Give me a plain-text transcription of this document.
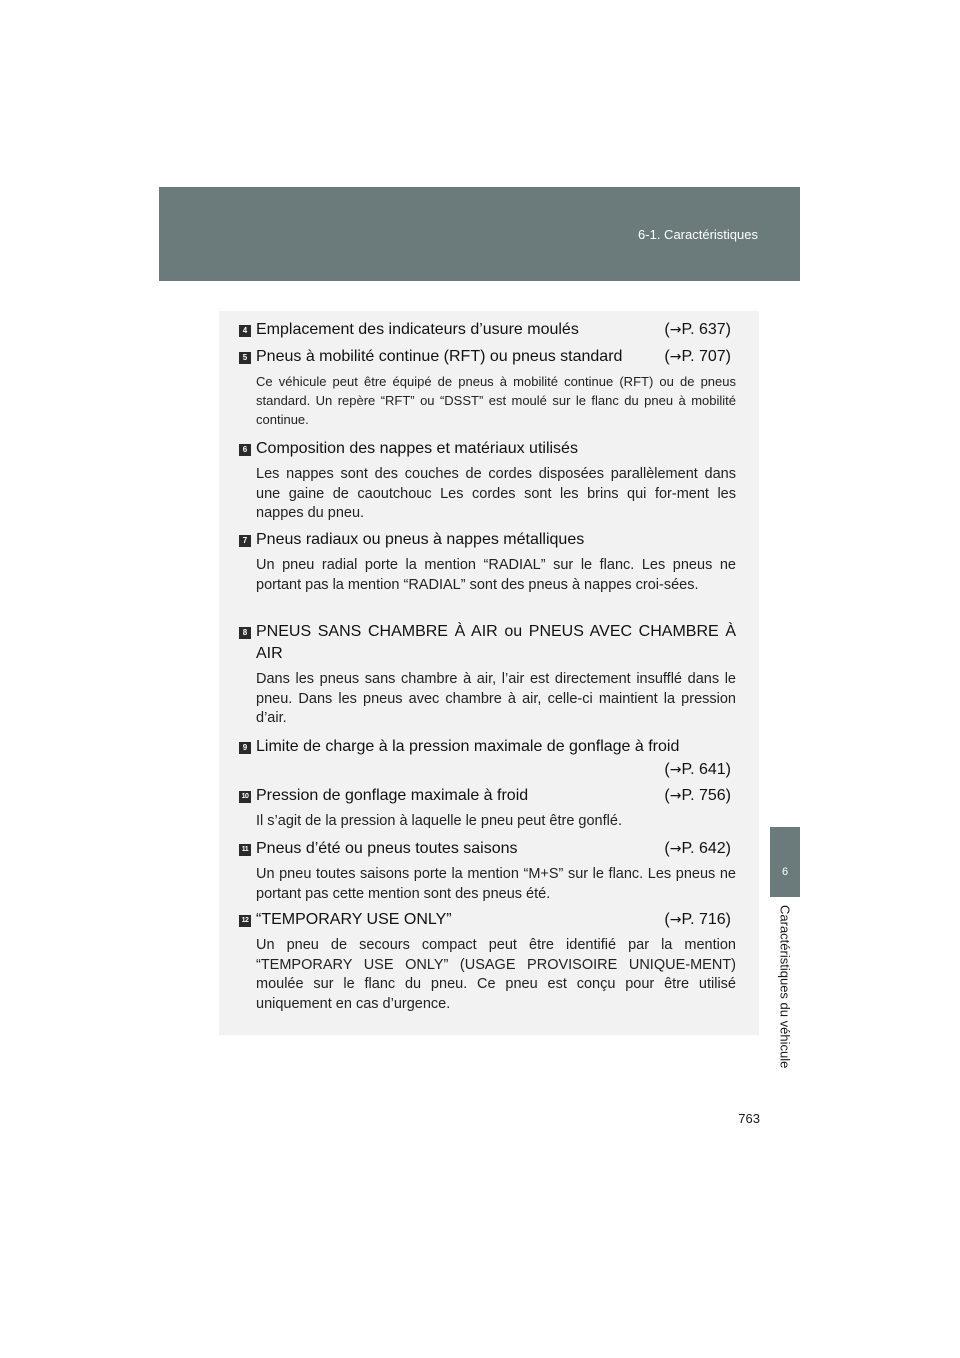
6-1. Caractéristiques
6
Caractéristiques du véhicule
4 Emplacement des indicateurs d’usure moulés	(→P. 637)
5 Pneus à mobilité continue (RFT) ou pneus standard	(→P. 707)
Ce véhicule peut être équipé de pneus à mobilité continue (RFT) ou de pneus standard. Un repère “RFT” ou “DSST” est moulé sur le flanc du pneu à mobilité continue.
6 Composition des nappes et matériaux utilisés
Les nappes sont des couches de cordes disposées parallèlement dans une gaine de caoutchouc Les cordes sont les brins qui for-ment les nappes du pneu.
7 Pneus radiaux ou pneus à nappes métalliques
Un pneu radial porte la mention “RADIAL” sur le flanc. Les pneus ne portant pas la mention “RADIAL” sont des pneus à nappes croi-sées.
8 PNEUS SANS CHAMBRE À AIR ou PNEUS AVEC CHAMBRE À AIR
Dans les pneus sans chambre à air, l’air est directement insufflé dans le pneu. Dans les pneus avec chambre à air, celle-ci maintient la pression d’air.
9 Limite de charge à la pression maximale de gonflage à froid
(→P. 641)
10 Pression de gonflage maximale à froid	(→P. 756)
Il s’agit de la pression à laquelle le pneu peut être gonflé.
11 Pneus d’été ou pneus toutes saisons	(→P. 642)
Un pneu toutes saisons porte la mention “M+S” sur le flanc. Les pneus ne portant pas cette mention sont des pneus été.
12 “TEMPORARY USE ONLY”	(→P. 716)
Un pneu de secours compact peut être identifié par la mention “TEMPORARY USE ONLY” (USAGE PROVISOIRE UNIQUE-MENT) moulée sur le flanc du pneu. Ce pneu est conçu pour être utilisé uniquement en cas d’urgence.
763
